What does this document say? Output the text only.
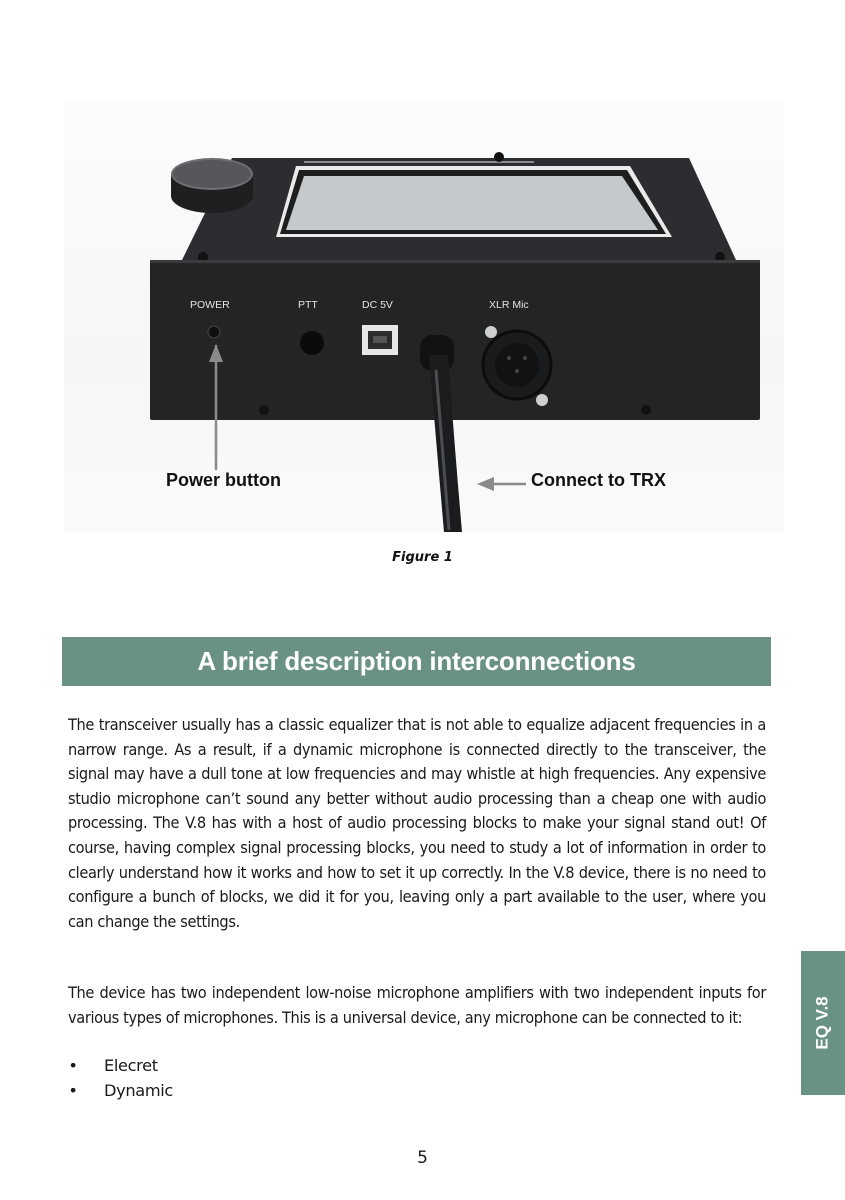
POWER	PTT	DC 5V	XLR Mic
Power button	Connect to TRX
Figure 1
A brief description interconnections
The transceiver usually has a classic equalizer that is not able to equalize adjacent frequencies in a narrow range. As a result, if a dynamic microphone is connected directly to the transceiver, the signal may have a dull tone at low frequencies and may whistle at high frequencies. Any expensive studio microphone can’t sound any better without audio processing than a cheap one with audio processing. The V.8 has with a host of audio processing blocks to make your signal stand out! Of course, having complex signal processing blocks, you need to study a lot of information in order to clearly understand how it works and how to set it up correctly. In the V.8 device, there is no need to configure a bunch of blocks, we did it for you, leaving only a part available to the user, where you can change the settings.
The device has two independent low-noise microphone amplifiers with two independent inputs for various types of microphones. This is a universal device, any microphone can be connected to it:
• Elecret
• Dynamic
EQ V.8
5
